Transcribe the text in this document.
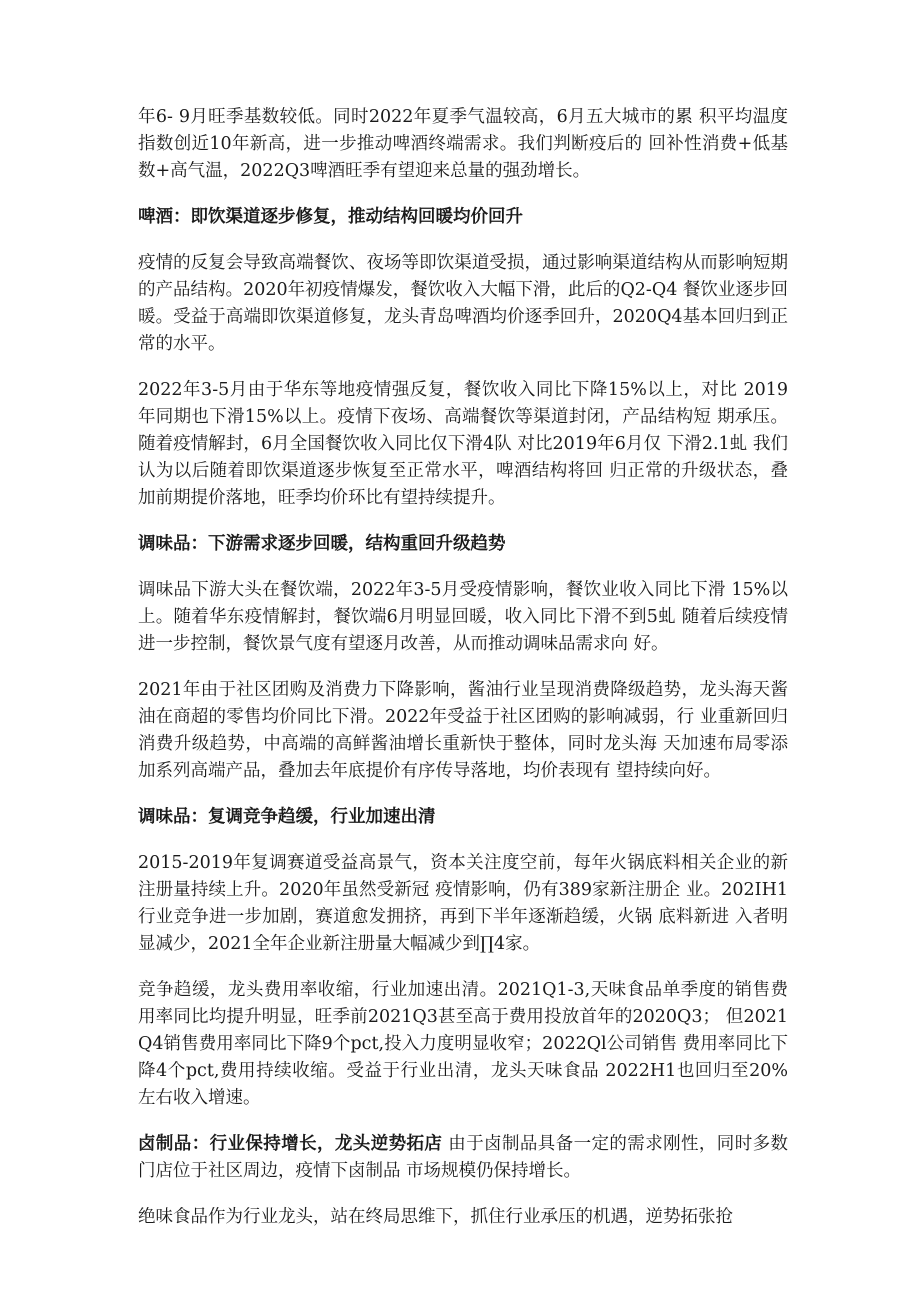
年6- 9月旺季基数较低。同时2022年夏季气温较高，6月五大城市的累 积平均温度指数创近10年新高，进一步推动啤酒终端需求。我们判断疫后的 回补性消费+低基数+高气温，2022Q3啤酒旺季有望迎来总量的强劲增长。

啤酒：即饮渠道逐步修复，推动结构回暖均价回升

疫情的反复会导致高端餐饮、夜场等即饮渠道受损，通过影响渠道结构从而影响短期的产品结构。2020年初疫情爆发，餐饮收入大幅下滑，此后的Q2-Q4 餐饮业逐步回暖。受益于高端即饮渠道修复，龙头青岛啤酒均价逐季回升，2020Q4基本回归到正常的水平。

2022年3-5月由于华东等地疫情强反复，餐饮收入同比下降15%以上，对比 2019年同期也下滑15%以上。疫情下夜场、高端餐饮等渠道封闭，产品结构短 期承压。随着疫情解封，6月全国餐饮收入同比仅下滑4队 对比2019年6月仅 下滑2.1虬 我们认为以后随着即饮渠道逐步恢复至正常水平，啤酒结构将回 归正常的升级状态，叠加前期提价落地，旺季均价环比有望持续提升。

调味品：下游需求逐步回暖，结构重回升级趋势

调味品下游大头在餐饮端，2022年3-5月受疫情影响，餐饮业收入同比下滑 15%以上。随着华东疫情解封，餐饮端6月明显回暖，收入同比下滑不到5虬 随着后续疫情进一步控制，餐饮景气度有望逐月改善，从而推动调味品需求向 好。

2021年由于社区团购及消费力下降影响，酱油行业呈现消费降级趋势，龙头海天酱油在商超的零售均价同比下滑。2022年受益于社区团购的影响减弱，行 业重新回归消费升级趋势，中高端的高鲜酱油增长重新快于整体，同时龙头海 天加速布局零添加系列高端产品，叠加去年底提价有序传导落地，均价表现有 望持续向好。

调味品：复调竞争趋缓，行业加速出清

2015-2019年复调赛道受益高景气，资本关注度空前，每年火锅底料相关企业的新注册量持续上升。2020年虽然受新冠 疫情影响，仍有389家新注册企 业。202IH1行业竞争进一步加剧，赛道愈发拥挤，再到下半年逐渐趋缓，火锅 底料新进 入者明显减少，2021全年企业新注册量大幅减少到∏4家。

竞争趋缓，龙头费用率收缩，行业加速出清。2021Q1-3,天味食品单季度的销售费用率同比均提升明显，旺季前2021Q3甚至高于费用投放首年的2020Q3； 但2021Q4销售费用率同比下降9个pct,投入力度明显收窄；2022Ql公司销售 费用率同比下降4个pct,费用持续收缩。受益于行业出清，龙头天味食品 2022H1也回归至20%左右收入增速。

卤制品：行业保持增长，龙头逆势拓店 由于卤制品具备一定的需求刚性，同时多数门店位于社区周边，疫情下卤制品 市场规模仍保持增长。

绝味食品作为行业龙头，站在终局思维下，抓住行业承压的机遇，逆势拓张抢
